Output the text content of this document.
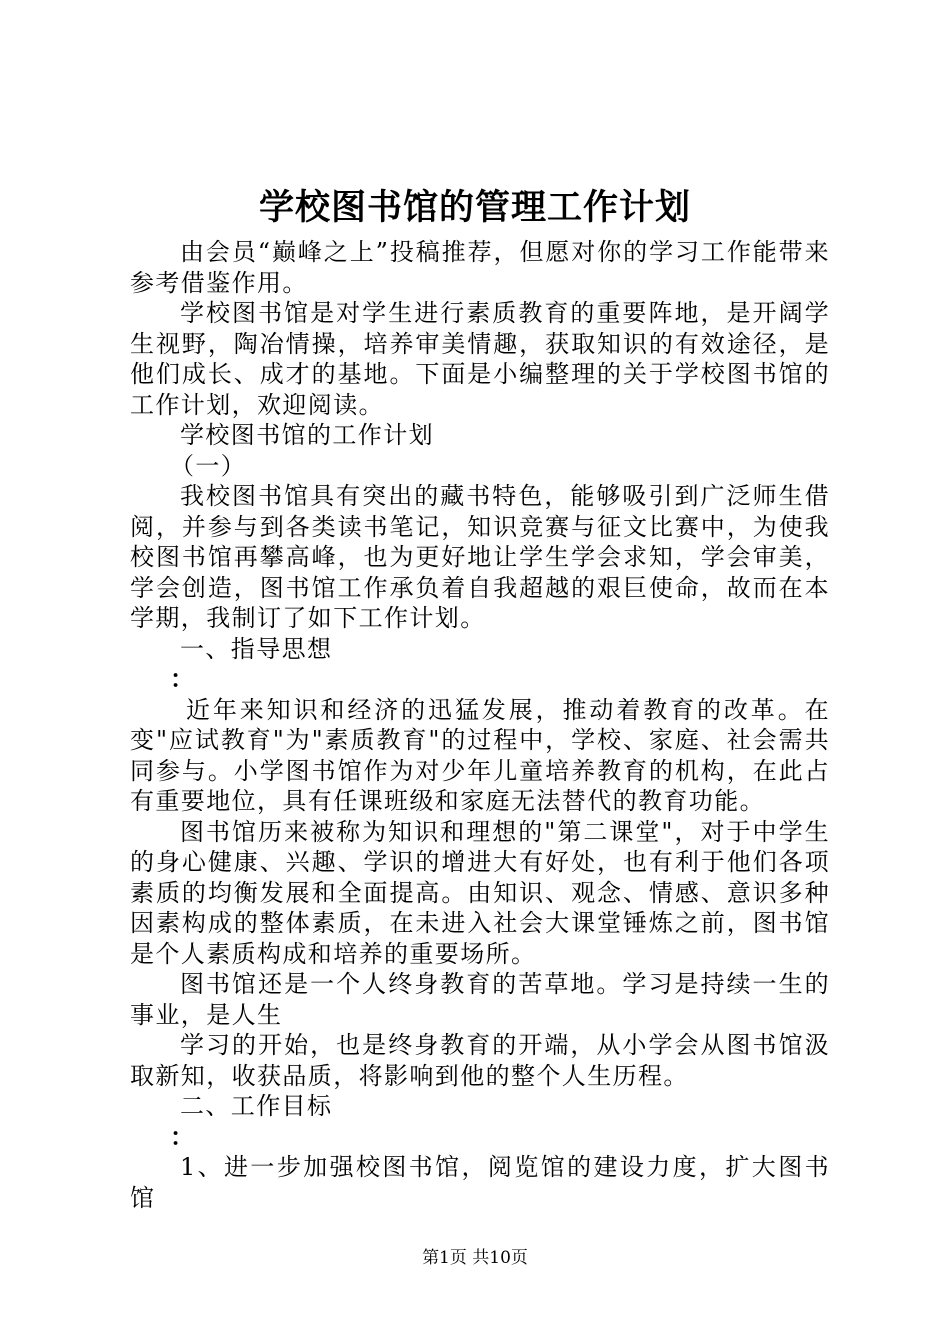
学校图书馆的管理工作计划

由会员“巅峰之上”投稿推荐，但愿对你的学习工作能带来参考借鉴作用。

学校图书馆是对学生进行素质教育的重要阵地，是开阔学生视野，陶冶情操，培养审美情趣，获取知识的有效途径，是他们成长、成才的基地。下面是小编整理的关于学校图书馆的工作计划，欢迎阅读。

学校图书馆的工作计划

（一）

我校图书馆具有突出的藏书特色，能够吸引到广泛师生借阅，并参与到各类读书笔记，知识竞赛与征文比赛中，为使我校图书馆再攀高峰，也为更好地让学生学会求知，学会审美，学会创造，图书馆工作承负着自我超越的艰巨使命，故而在本学期，我制订了如下工作计划。

一、指导思想

：

近年来知识和经济的迅猛发展，推动着教育的改革。在变"应试教育"为"素质教育"的过程中，学校、家庭、社会需共同参与。小学图书馆作为对少年儿童培养教育的机构，在此占有重要地位，具有任课班级和家庭无法替代的教育功能。

图书馆历来被称为知识和理想的"第二课堂"，对于中学生的身心健康、兴趣、学识的增进大有好处，也有利于他们各项素质的均衡发展和全面提高。由知识、观念、情感、意识多种因素构成的整体素质，在未进入社会大课堂锤炼之前，图书馆是个人素质构成和培养的重要场所。

图书馆还是一个人终身教育的苦草地。学习是持续一生的事业，是人生

学习的开始，也是终身教育的开端，从小学会从图书馆汲取新知，收获品质，将影响到他的整个人生历程。

二、工作目标

：

1、进一步加强校图书馆，阅览馆的建设力度，扩大图书馆

第1页 共10页
